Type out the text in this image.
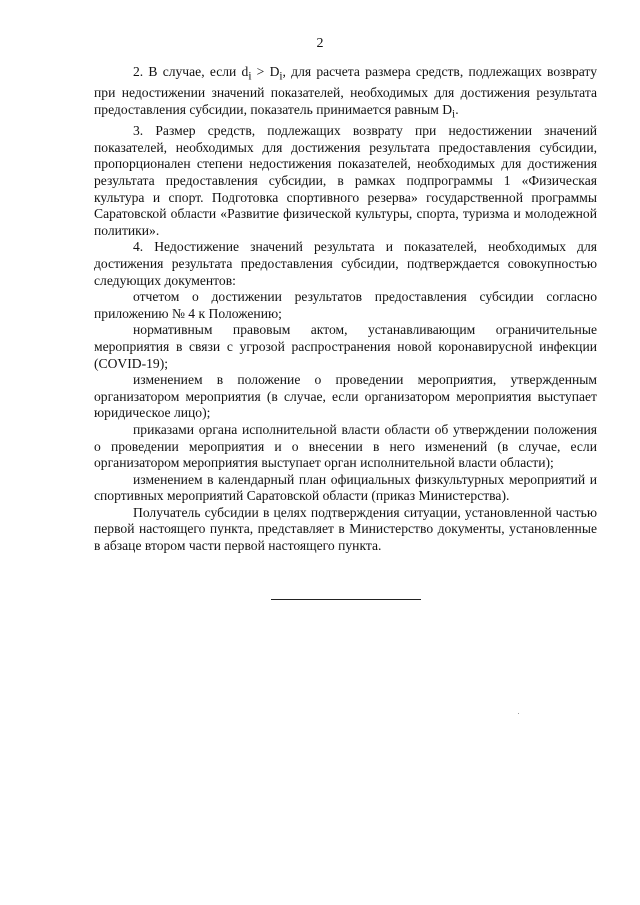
2

2. В случае, если $d_i > D_i$, для расчета размера средств, подлежащих возврату при недостижении значений показателей, необходимых для достижения результата предоставления субсидии, показатель принимается равным $D_i$.

3. Размер средств, подлежащих возврату при недостижении значений показателей, необходимых для достижения результата предоставления субсидии, пропорционален степени недостижения показателей, необходимых для достижения результата предоставления субсидии, в рамках подпрограммы 1 «Физическая культура и спорт. Подготовка спортивного резерва» государственной программы Саратовской области «Развитие физической культуры, спорта, туризма и молодежной политики».

4. Недостижение значений результата и показателей, необходимых для достижения результата предоставления субсидии, подтверждается совокупностью следующих документов:

отчетом о достижении результатов предоставления субсидии согласно приложению № 4 к Положению;

нормативным правовым актом, устанавливающим ограничительные мероприятия в связи с угрозой распространения новой коронавирусной инфекции (COVID-19);

изменением в положение о проведении мероприятия, утвержденным организатором мероприятия (в случае, если организатором мероприятия выступает юридическое лицо);

приказами органа исполнительной власти области об утверждении положения о проведении мероприятия и о внесении в него изменений (в случае, если организатором мероприятия выступает орган исполнительной власти области);

изменением в календарный план официальных физкультурных мероприятий и спортивных мероприятий Саратовской области (приказ Министерства).

Получатель субсидии в целях подтверждения ситуации, установленной частью первой настоящего пункта, представляет в Министерство документы, установленные в абзаце втором части первой настоящего пункта.
